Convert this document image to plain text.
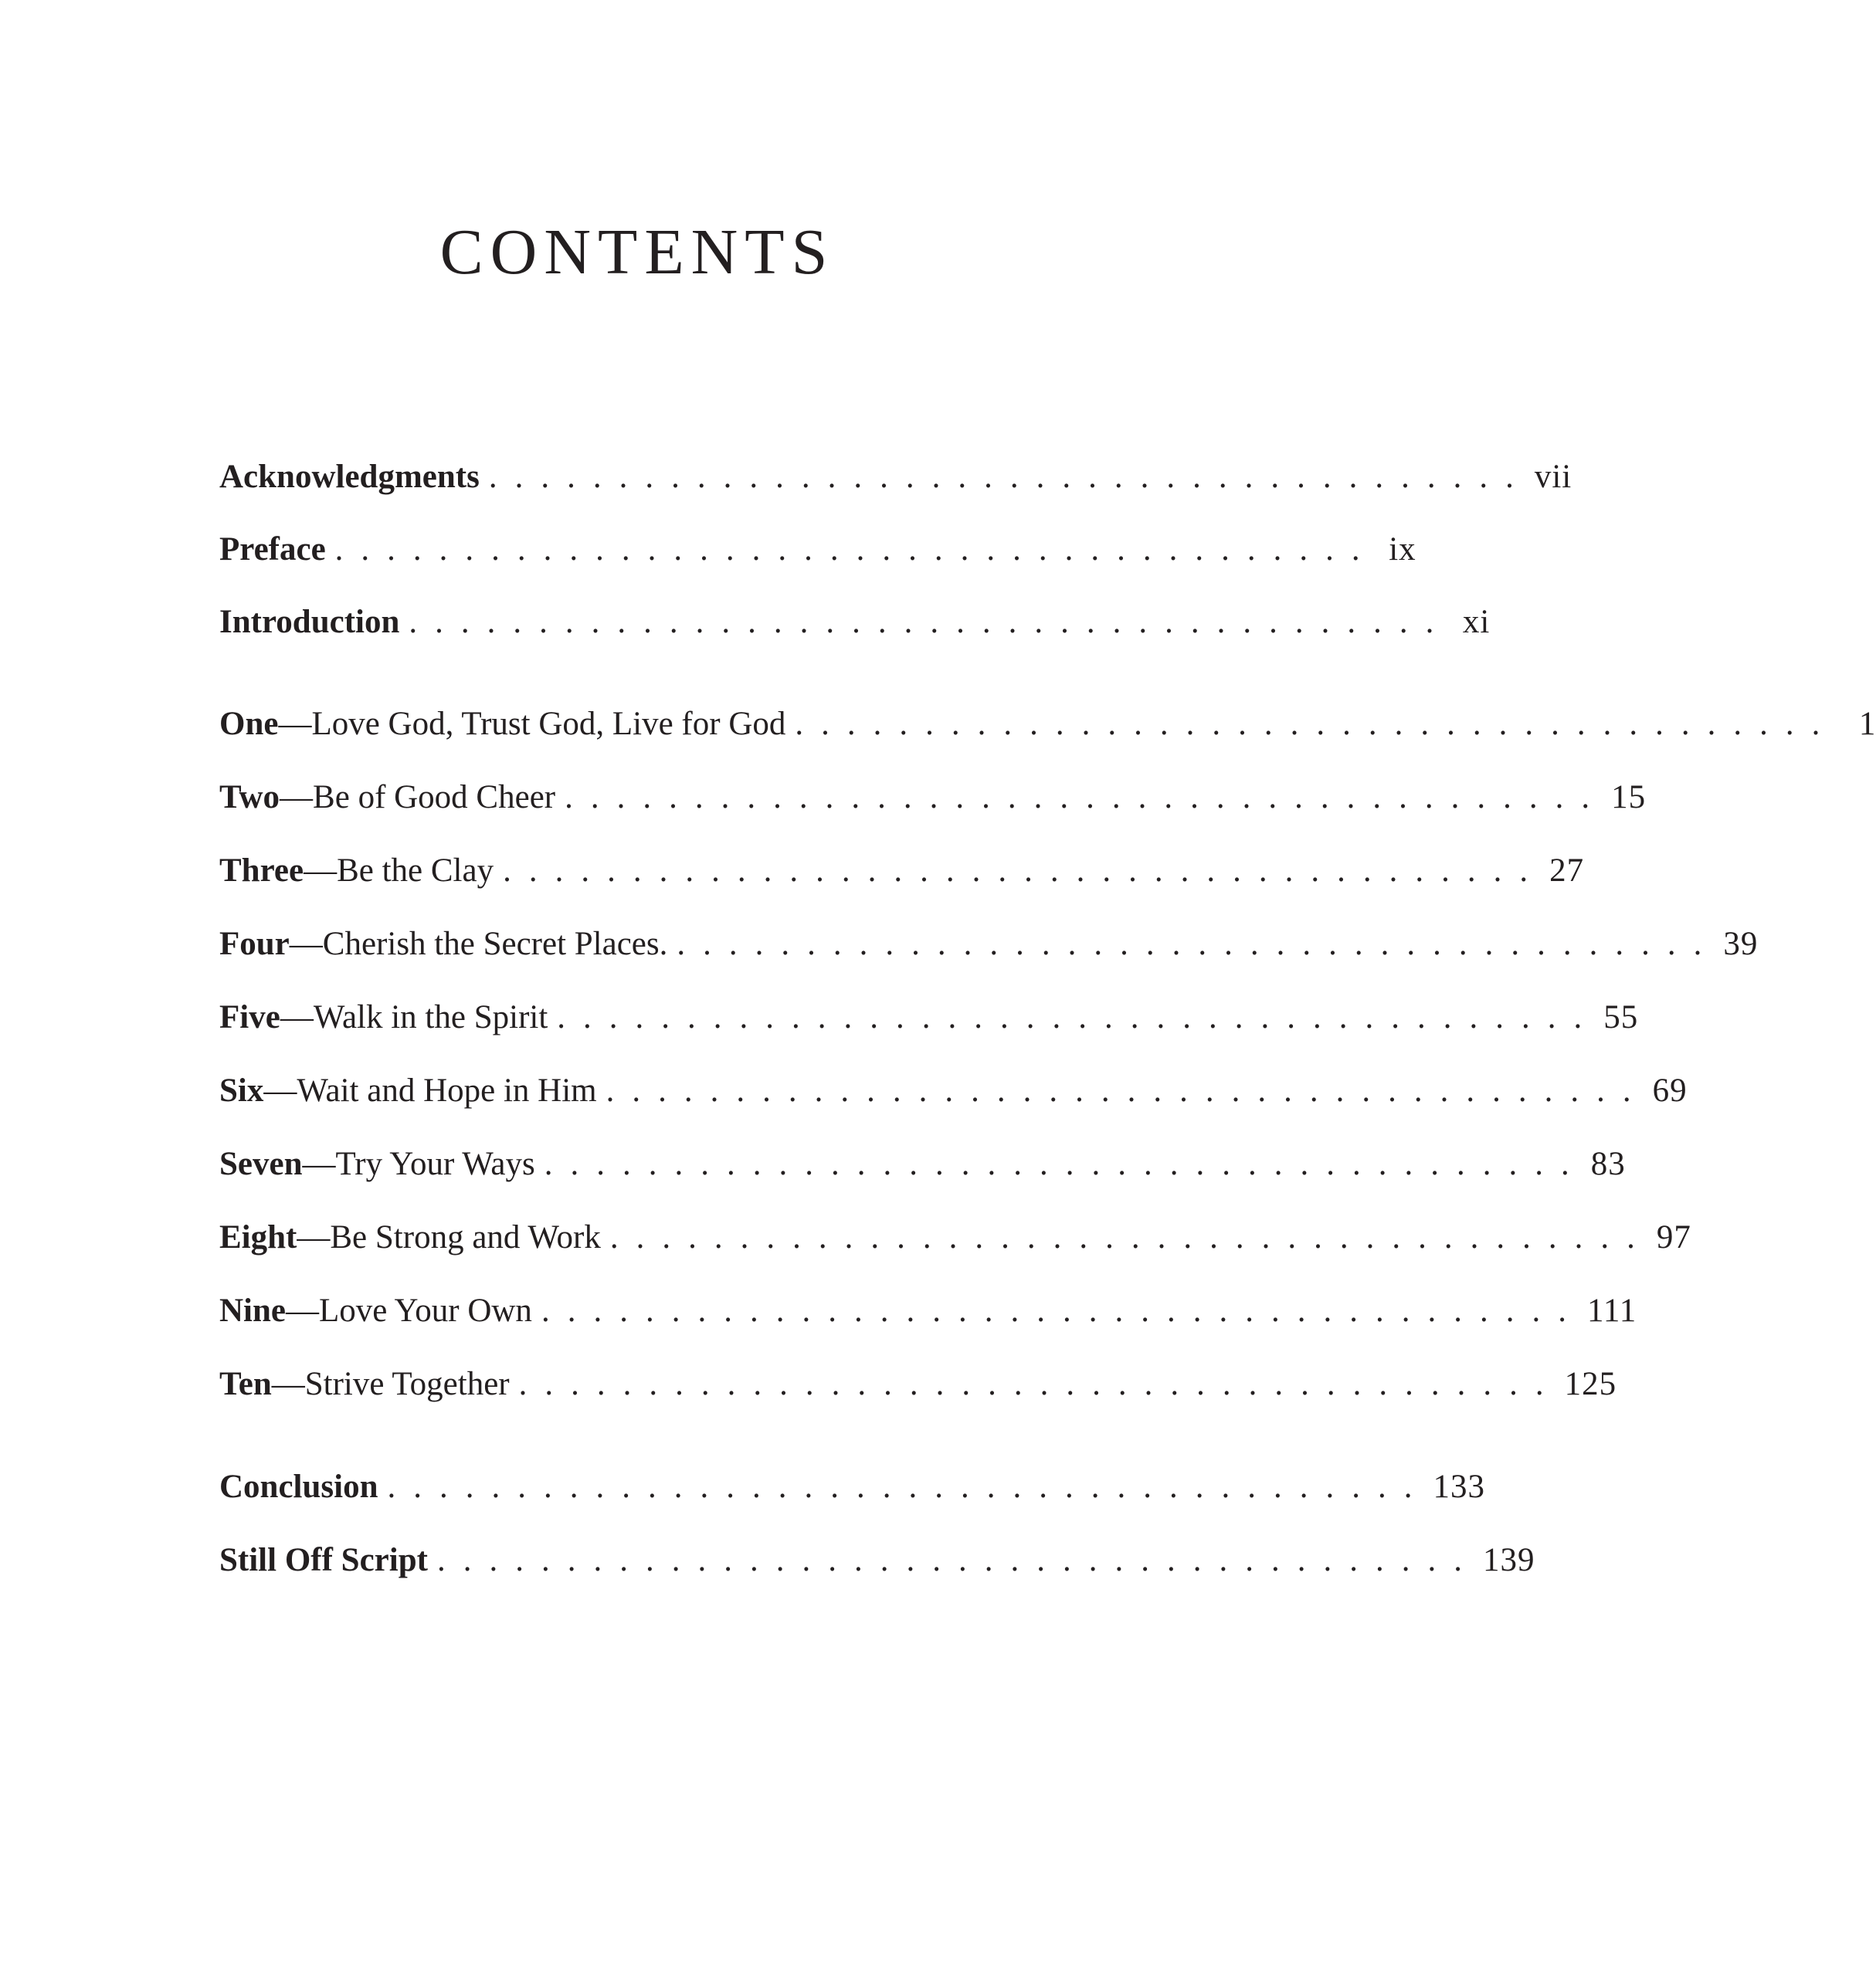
CONTENTS
Acknowledgments ........................................ vii
Preface ........................................ ix
Introduction ........................................ xi
One—Love God, Trust God, Live for God ........................................ 1
Two—Be of Good Cheer ........................................ 15
Three—Be the Clay ........................................ 27
Four—Cherish the Secret Places. ........................................ 39
Five—Walk in the Spirit ........................................ 55
Six—Wait and Hope in Him ........................................ 69
Seven—Try Your Ways ........................................ 83
Eight—Be Strong and Work ........................................ 97
Nine—Love Your Own ........................................ 111
Ten—Strive Together ........................................ 125
Conclusion ........................................ 133
Still Off Script ........................................ 139
